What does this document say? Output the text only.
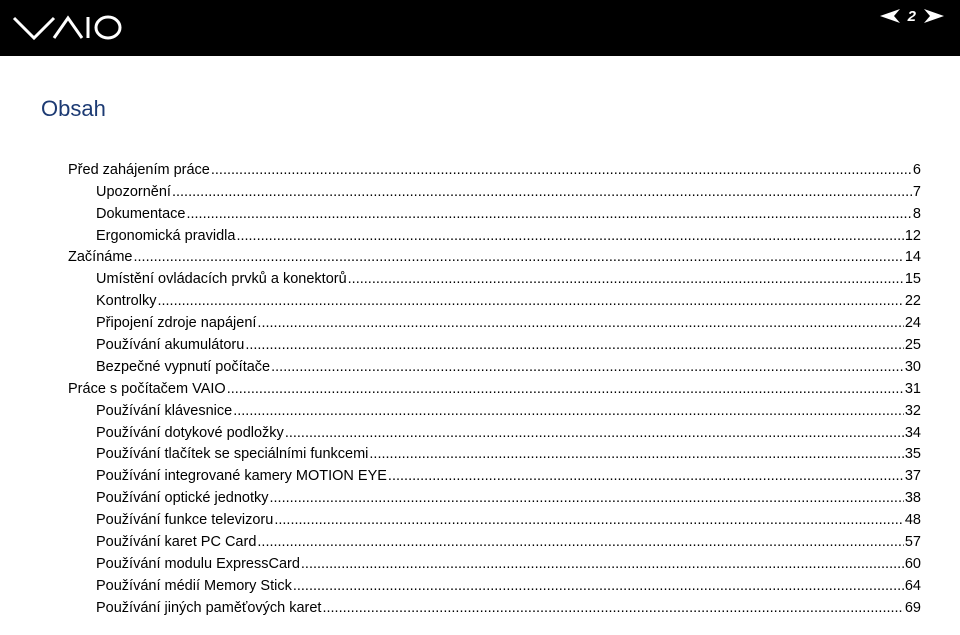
2
Obsah
Před zahájením práce .....	6
Upozornění .....	7
Dokumentace .....	8
Ergonomická pravidla .....	12
Začínáme .....	14
Umístění ovládacích prvků a konektorů .....	15
Kontrolky .....	22
Připojení zdroje napájení .....	24
Používání akumulátoru .....	25
Bezpečné vypnutí počítače .....	30
Práce s počítačem VAIO .....	31
Používání klávesnice .....	32
Používání dotykové podložky .....	34
Používání tlačítek se speciálními funkcemi .....	35
Používání integrované kamery MOTION EYE .....	37
Používání optické jednotky .....	38
Používání funkce televizoru .....	48
Používání karet PC Card .....	57
Používání modulu ExpressCard .....	60
Používání médií Memory Stick .....	64
Používání jiných paměťových karet .....	69
